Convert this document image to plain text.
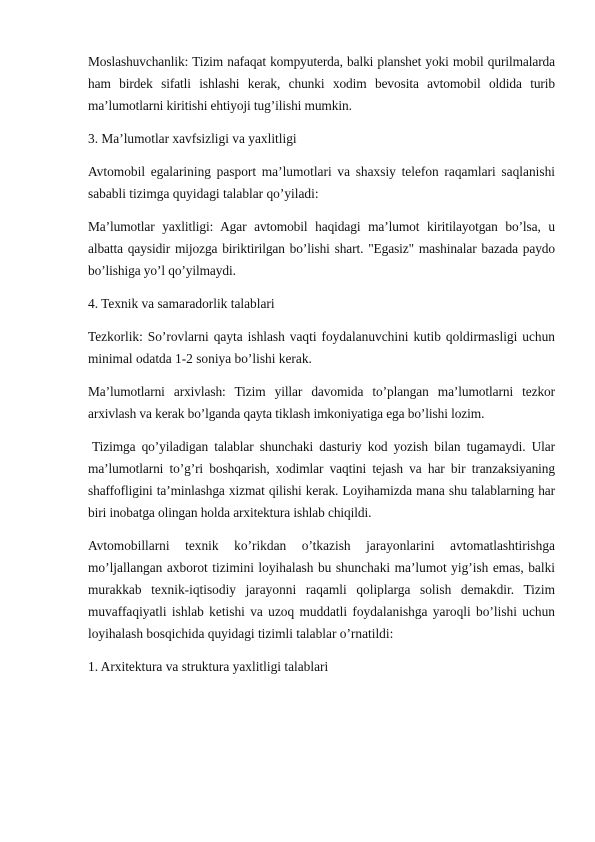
Moslashuvchanlik: Tizim nafaqat kompyuterda, balki planshet yoki mobil qurilmalarda ham birdek sifatli ishlashi kerak, chunki xodim bevosita avtomobil oldida turib ma’lumotlarni kiritishi ehtiyoji tug’ilishi mumkin.

3. Ma’lumotlar xavfsizligi va yaxlitligi

Avtomobil egalarining pasport ma’lumotlari va shaxsiy telefon raqamlari saqlanishi sababli tizimga quyidagi talablar qo’yiladi:

Ma’lumotlar yaxlitligi: Agar avtomobil haqidagi ma’lumot kiritilayotgan bo’lsa, u albatta qaysidir mijozga biriktirilgan bo’lishi shart. "Egasiz" mashinalar bazada paydo bo’lishiga yo’l qo’yilmaydi.

4. Texnik va samaradorlik talablari

Tezkorlik: So’rovlarni qayta ishlash vaqti foydalanuvchini kutib qoldirmasligi uchun minimal odatda 1-2 soniya bo’lishi kerak.

Ma’lumotlarni arxivlash: Tizim yillar davomida to’plangan ma’lumotlarni tezkor arxivlash va kerak bo’lganda qayta tiklash imkoniyatiga ega bo’lishi lozim.

Tizimga qo’yiladigan talablar shunchaki dasturiy kod yozish bilan tugamaydi. Ular ma’lumotlarni to’g’ri boshqarish, xodimlar vaqtini tejash va har bir tranzaksiyaning shaffofligini ta’minlashga xizmat qilishi kerak. Loyihamizda mana shu talablarning har biri inobatga olingan holda arxitektura ishlab chiqildi.

Avtomobillarni texnik ko’rikdan o’tkazish jarayonlarini avtomatlashtirishga mo’ljallangan axborot tizimini loyihalash bu shunchaki ma’lumot yig’ish emas, balki murakkab texnik-iqtisodiy jarayonni raqamli qoliplarga solish demakdir. Tizim muvaffaqiyatli ishlab ketishi va uzoq muddatli foydalanishga yaroqli bo’lishi uchun loyihalash bosqichida quyidagi tizimli talablar o’rnatildi:

1. Arxitektura va struktura yaxlitligi talablari
